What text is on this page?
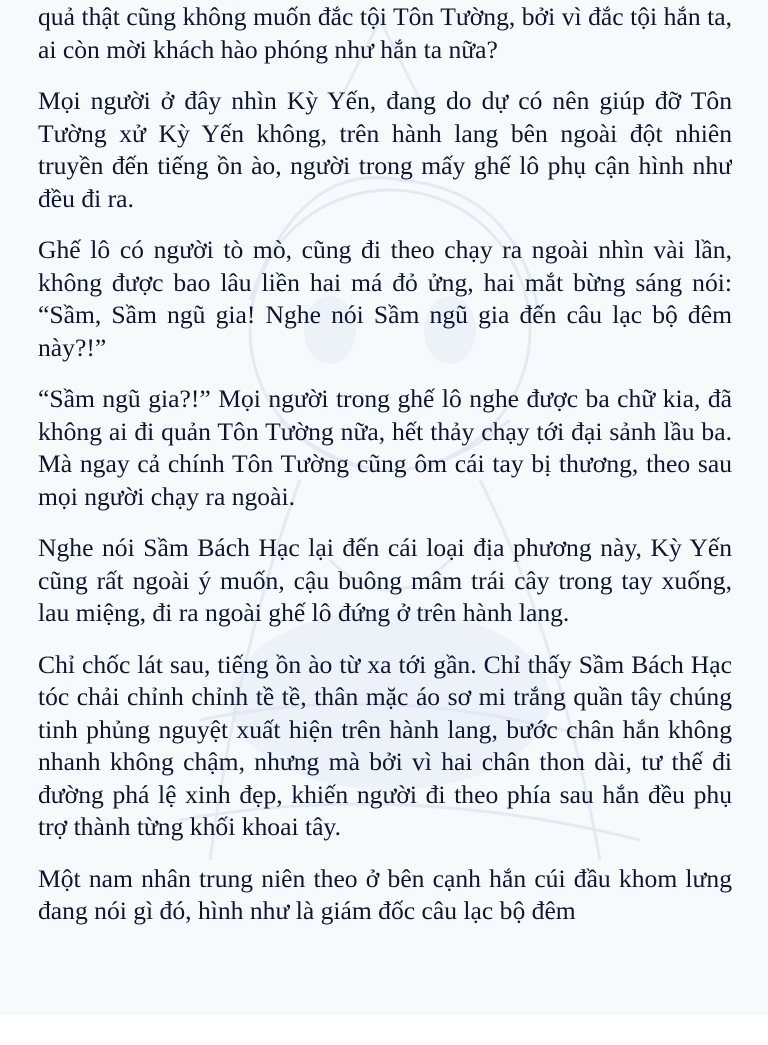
quả thật cũng không muốn đắc tội Tôn Tường, bởi vì đắc tội hắn ta, ai còn mời khách hào phóng như hắn ta nữa?

Mọi người ở đây nhìn Kỳ Yến, đang do dự có nên giúp đỡ Tôn Tường xử Kỳ Yến không, trên hành lang bên ngoài đột nhiên truyền đến tiếng ồn ào, người trong mấy ghế lô phụ cận hình như đều đi ra.

Ghế lô có người tò mò, cũng đi theo chạy ra ngoài nhìn vài lần, không được bao lâu liền hai má đỏ ửng, hai mắt bừng sáng nói: “Sầm, Sầm ngũ gia! Nghe nói Sầm ngũ gia đến câu lạc bộ đêm này?!”

“Sầm ngũ gia?!” Mọi người trong ghế lô nghe được ba chữ kia, đã không ai đi quản Tôn Tường nữa, hết thảy chạy tới đại sảnh lầu ba. Mà ngay cả chính Tôn Tường cũng ôm cái tay bị thương, theo sau mọi người chạy ra ngoài.

Nghe nói Sầm Bách Hạc lại đến cái loại địa phương này, Kỳ Yến cũng rất ngoài ý muốn, cậu buông mâm trái cây trong tay xuống, lau miệng, đi ra ngoài ghế lô đứng ở trên hành lang.

Chỉ chốc lát sau, tiếng ồn ào từ xa tới gần. Chỉ thấy Sầm Bách Hạc tóc chải chỉnh chỉnh tề tề, thân mặc áo sơ mi trắng quần tây chúng tinh phủng nguyệt xuất hiện trên hành lang, bước chân hắn không nhanh không chậm, nhưng mà bởi vì hai chân thon dài, tư thế đi đường phá lệ xinh đẹp, khiến người đi theo phía sau hắn đều phụ trợ thành từng khối khoai tây.

Một nam nhân trung niên theo ở bên cạnh hắn cúi đầu khom lưng đang nói gì đó, hình như là giám đốc câu lạc bộ đêm
